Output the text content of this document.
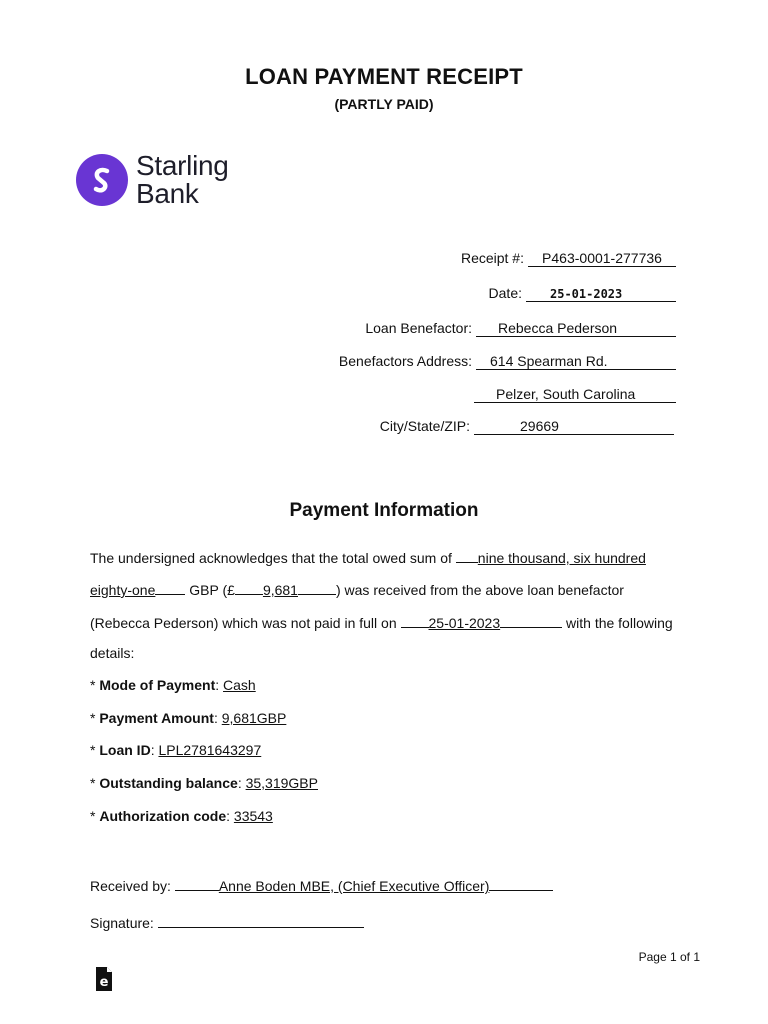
LOAN PAYMENT RECEIPT
(PARTLY PAID)
Starling
Bank
Receipt #:	P463-0001-277736
Date:	25-01-2023
Loan Benefactor:	Rebecca Pederson
Benefactors Address:	614 Spearman Rd.
Pelzer, South Carolina
City/State/ZIP:	29669
Payment Information
The undersigned acknowledges that the total owed sum of nine thousand, six hundred
eighty-one GBP (£ 9,681	) was received from the above loan benefactor
(Rebecca Pederson) which was not paid in full on 25-01-2023	with the following
details:
* Mode of Payment: Cash
* Payment Amount: 9,681GBP
* Loan ID: LPL2781643297
* Outstanding balance: 35,319GBP
* Authorization code: 33543
Received by:	Anne Boden MBE, (Chief Executive Officer)
Signature:
Page 1 of 1
e
